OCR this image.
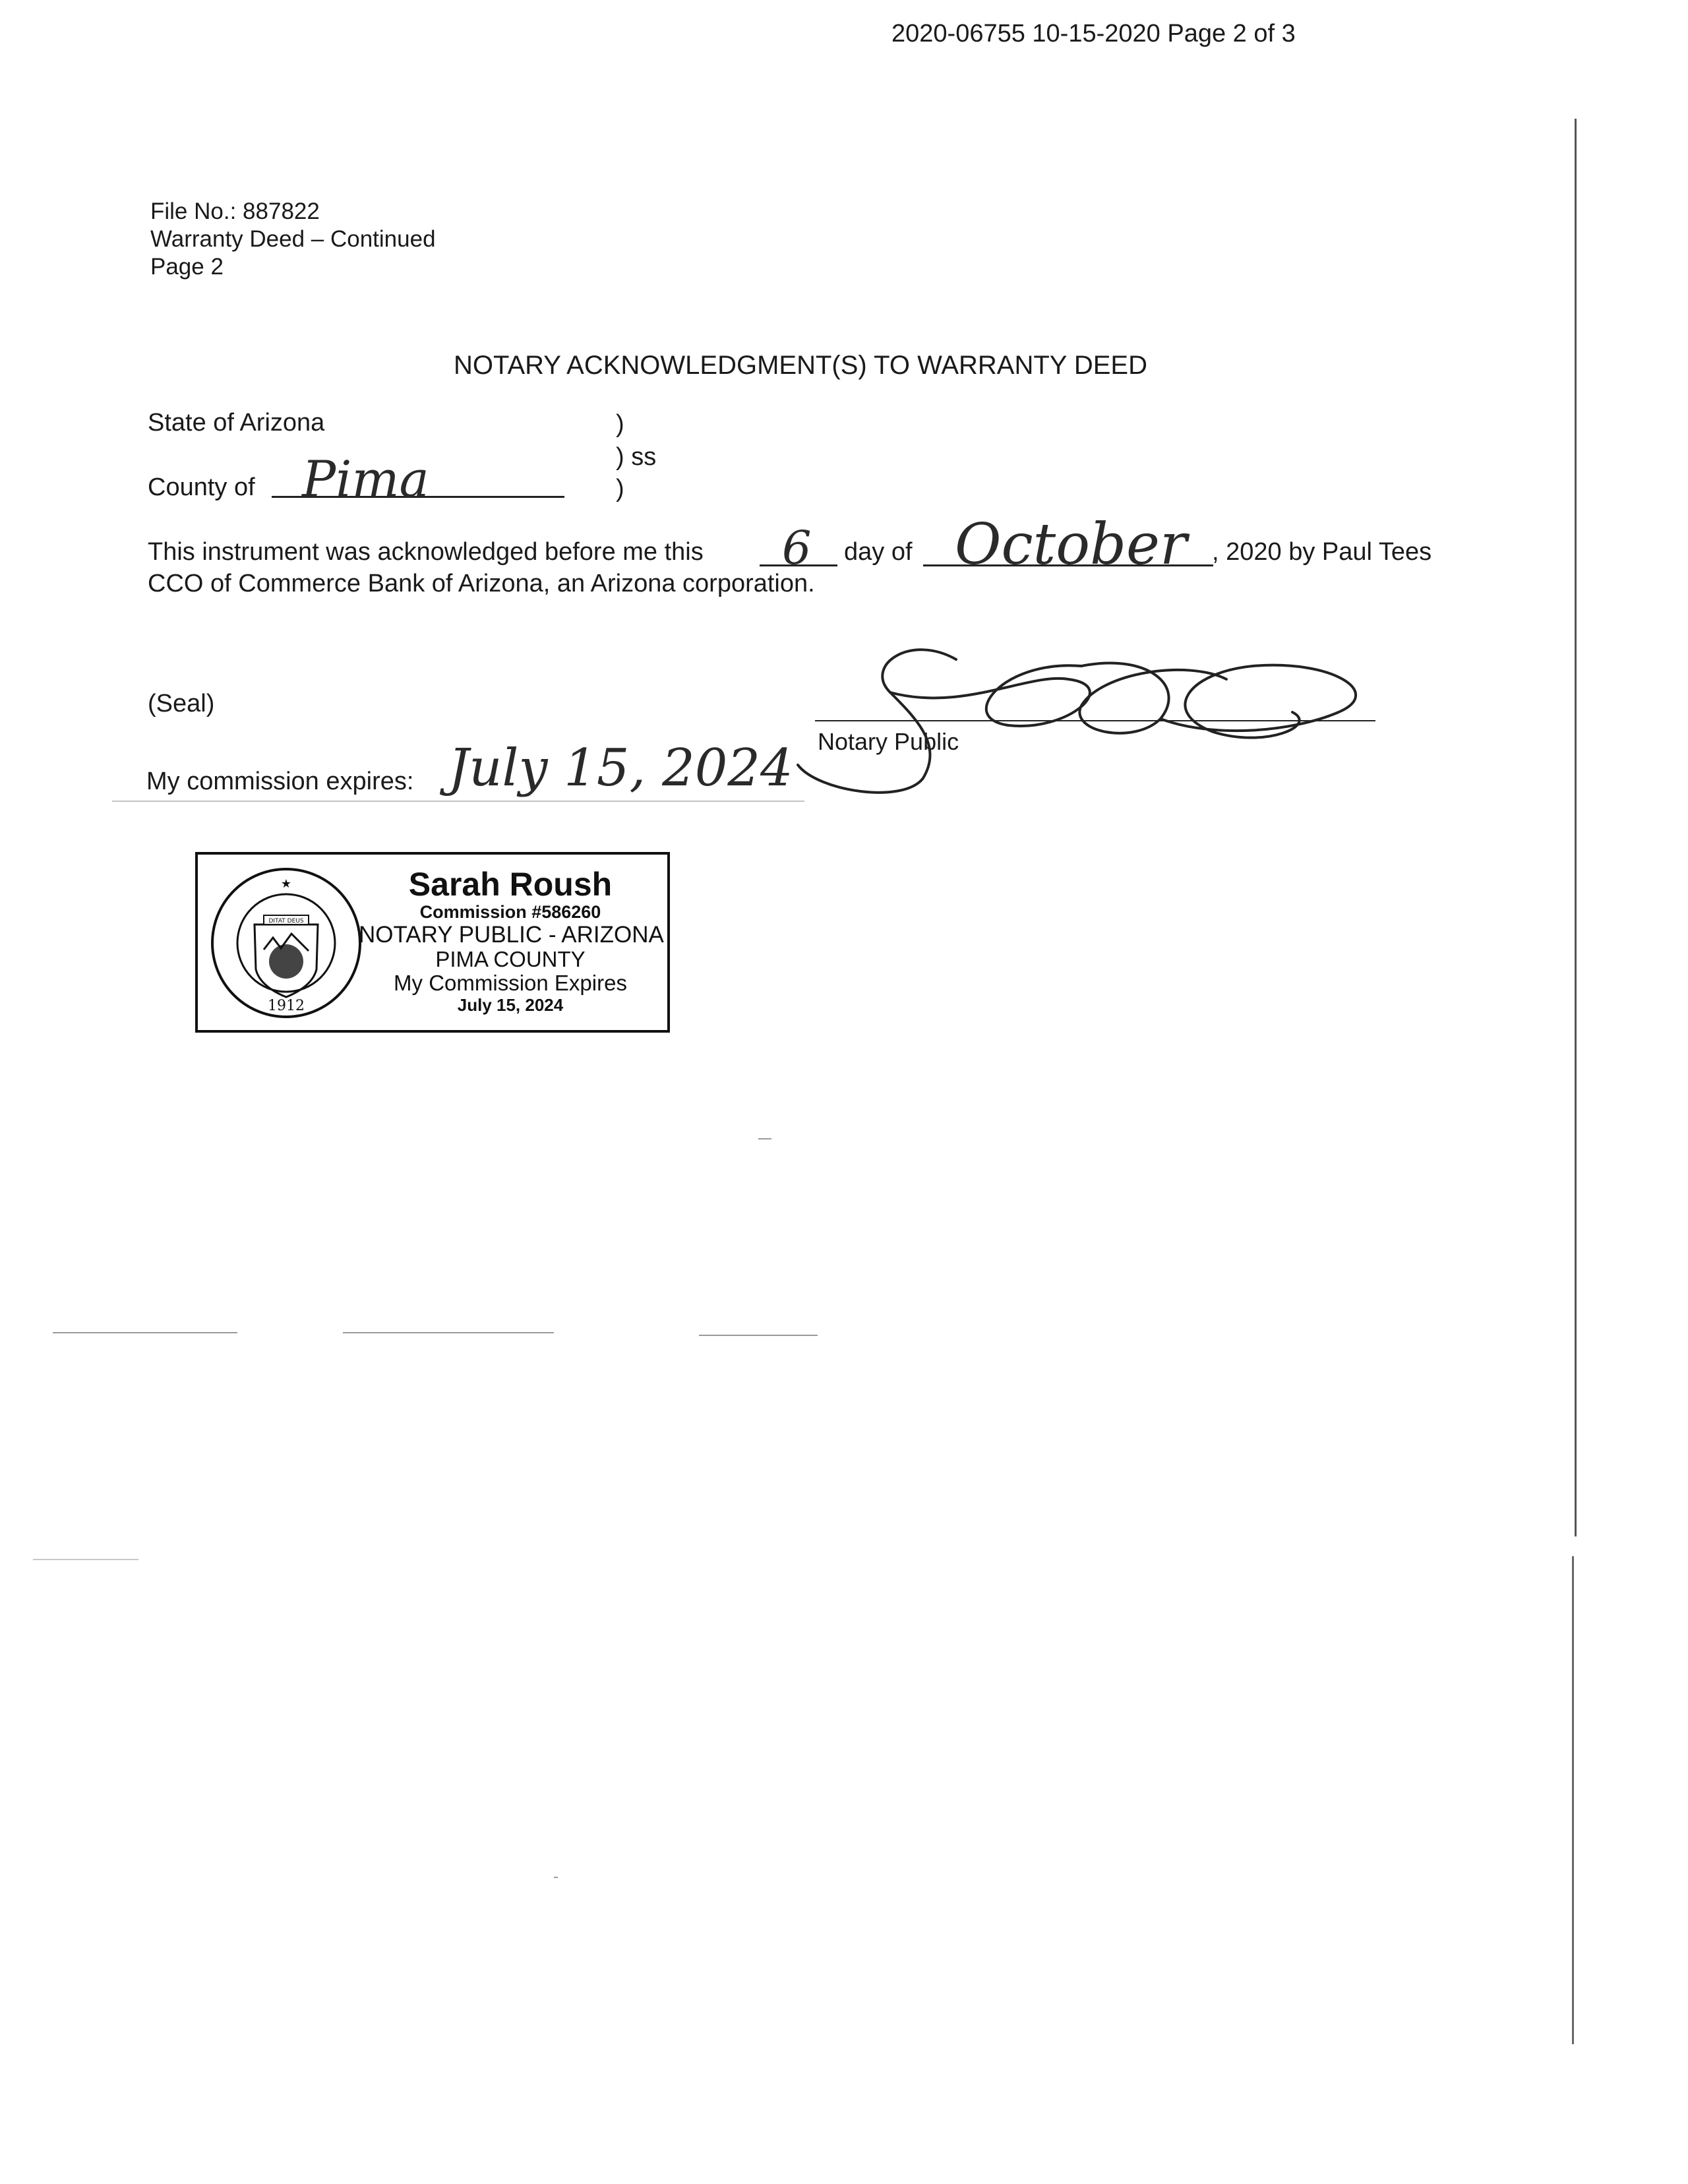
2020-06755 10-15-2020 Page 2 of 3
File No.: 887822
Warranty Deed – Continued
Page 2
NOTARY ACKNOWLEDGMENT(S) TO WARRANTY DEED
State of Arizona	)
) ss
)
County of Pima
This instrument was acknowledged before me this 6 day of October , 2020 by Paul Tees
CCO of Commerce Bank of Arizona, an Arizona corporation.
(Seal)
Notary Public
My commission expires: July 15, 2024
★
1912
DITAT DEUS
Sarah Roush
Commission #586260
NOTARY PUBLIC - ARIZONA
PIMA COUNTY
My Commission Expires
July 15, 2024
